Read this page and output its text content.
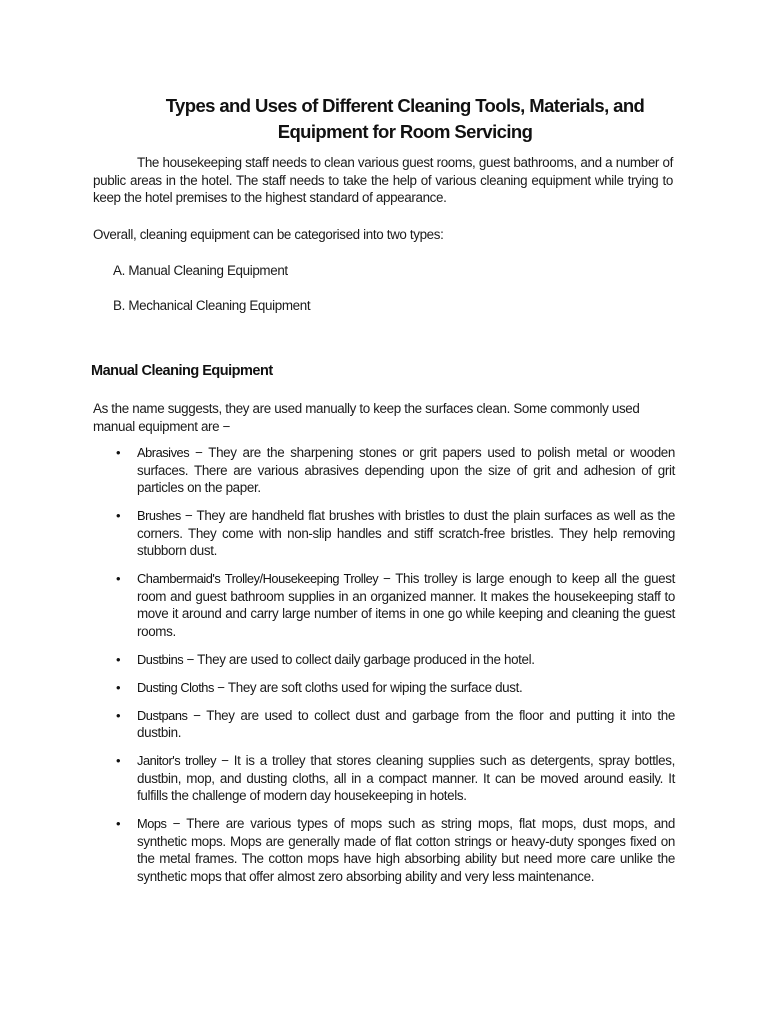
Types and Uses of Different Cleaning Tools, Materials, and Equipment for Room Servicing

The housekeeping staff needs to clean various guest rooms, guest bathrooms, and a number of public areas in the hotel. The staff needs to take the help of various cleaning equipment while trying to keep the hotel premises to the highest standard of appearance.

Overall, cleaning equipment can be categorised into two types:

A. Manual Cleaning Equipment

B. Mechanical Cleaning Equipment

Manual Cleaning Equipment

As the name suggests, they are used manually to keep the surfaces clean. Some commonly used manual equipment are −

• Abrasives − They are the sharpening stones or grit papers used to polish metal or wooden surfaces. There are various abrasives depending upon the size of grit and adhesion of grit particles on the paper.
• Brushes − They are handheld flat brushes with bristles to dust the plain surfaces as well as the corners. They come with non-slip handles and stiff scratch-free bristles. They help removing stubborn dust.
• Chambermaid's Trolley/Housekeeping Trolley − This trolley is large enough to keep all the guest room and guest bathroom supplies in an organized manner. It makes the housekeeping staff to move it around and carry large number of items in one go while keeping and cleaning the guest rooms.
• Dustbins − They are used to collect daily garbage produced in the hotel.
• Dusting Cloths − They are soft cloths used for wiping the surface dust.
• Dustpans − They are used to collect dust and garbage from the floor and putting it into the dustbin.
• Janitor's trolley − It is a trolley that stores cleaning supplies such as detergents, spray bottles, dustbin, mop, and dusting cloths, all in a compact manner. It can be moved around easily. It fulfills the challenge of modern day housekeeping in hotels.
• Mops − There are various types of mops such as string mops, flat mops, dust mops, and synthetic mops. Mops are generally made of flat cotton strings or heavy-duty sponges fixed on the metal frames. The cotton mops have high absorbing ability but need more care unlike the synthetic mops that offer almost zero absorbing ability and very less maintenance.
